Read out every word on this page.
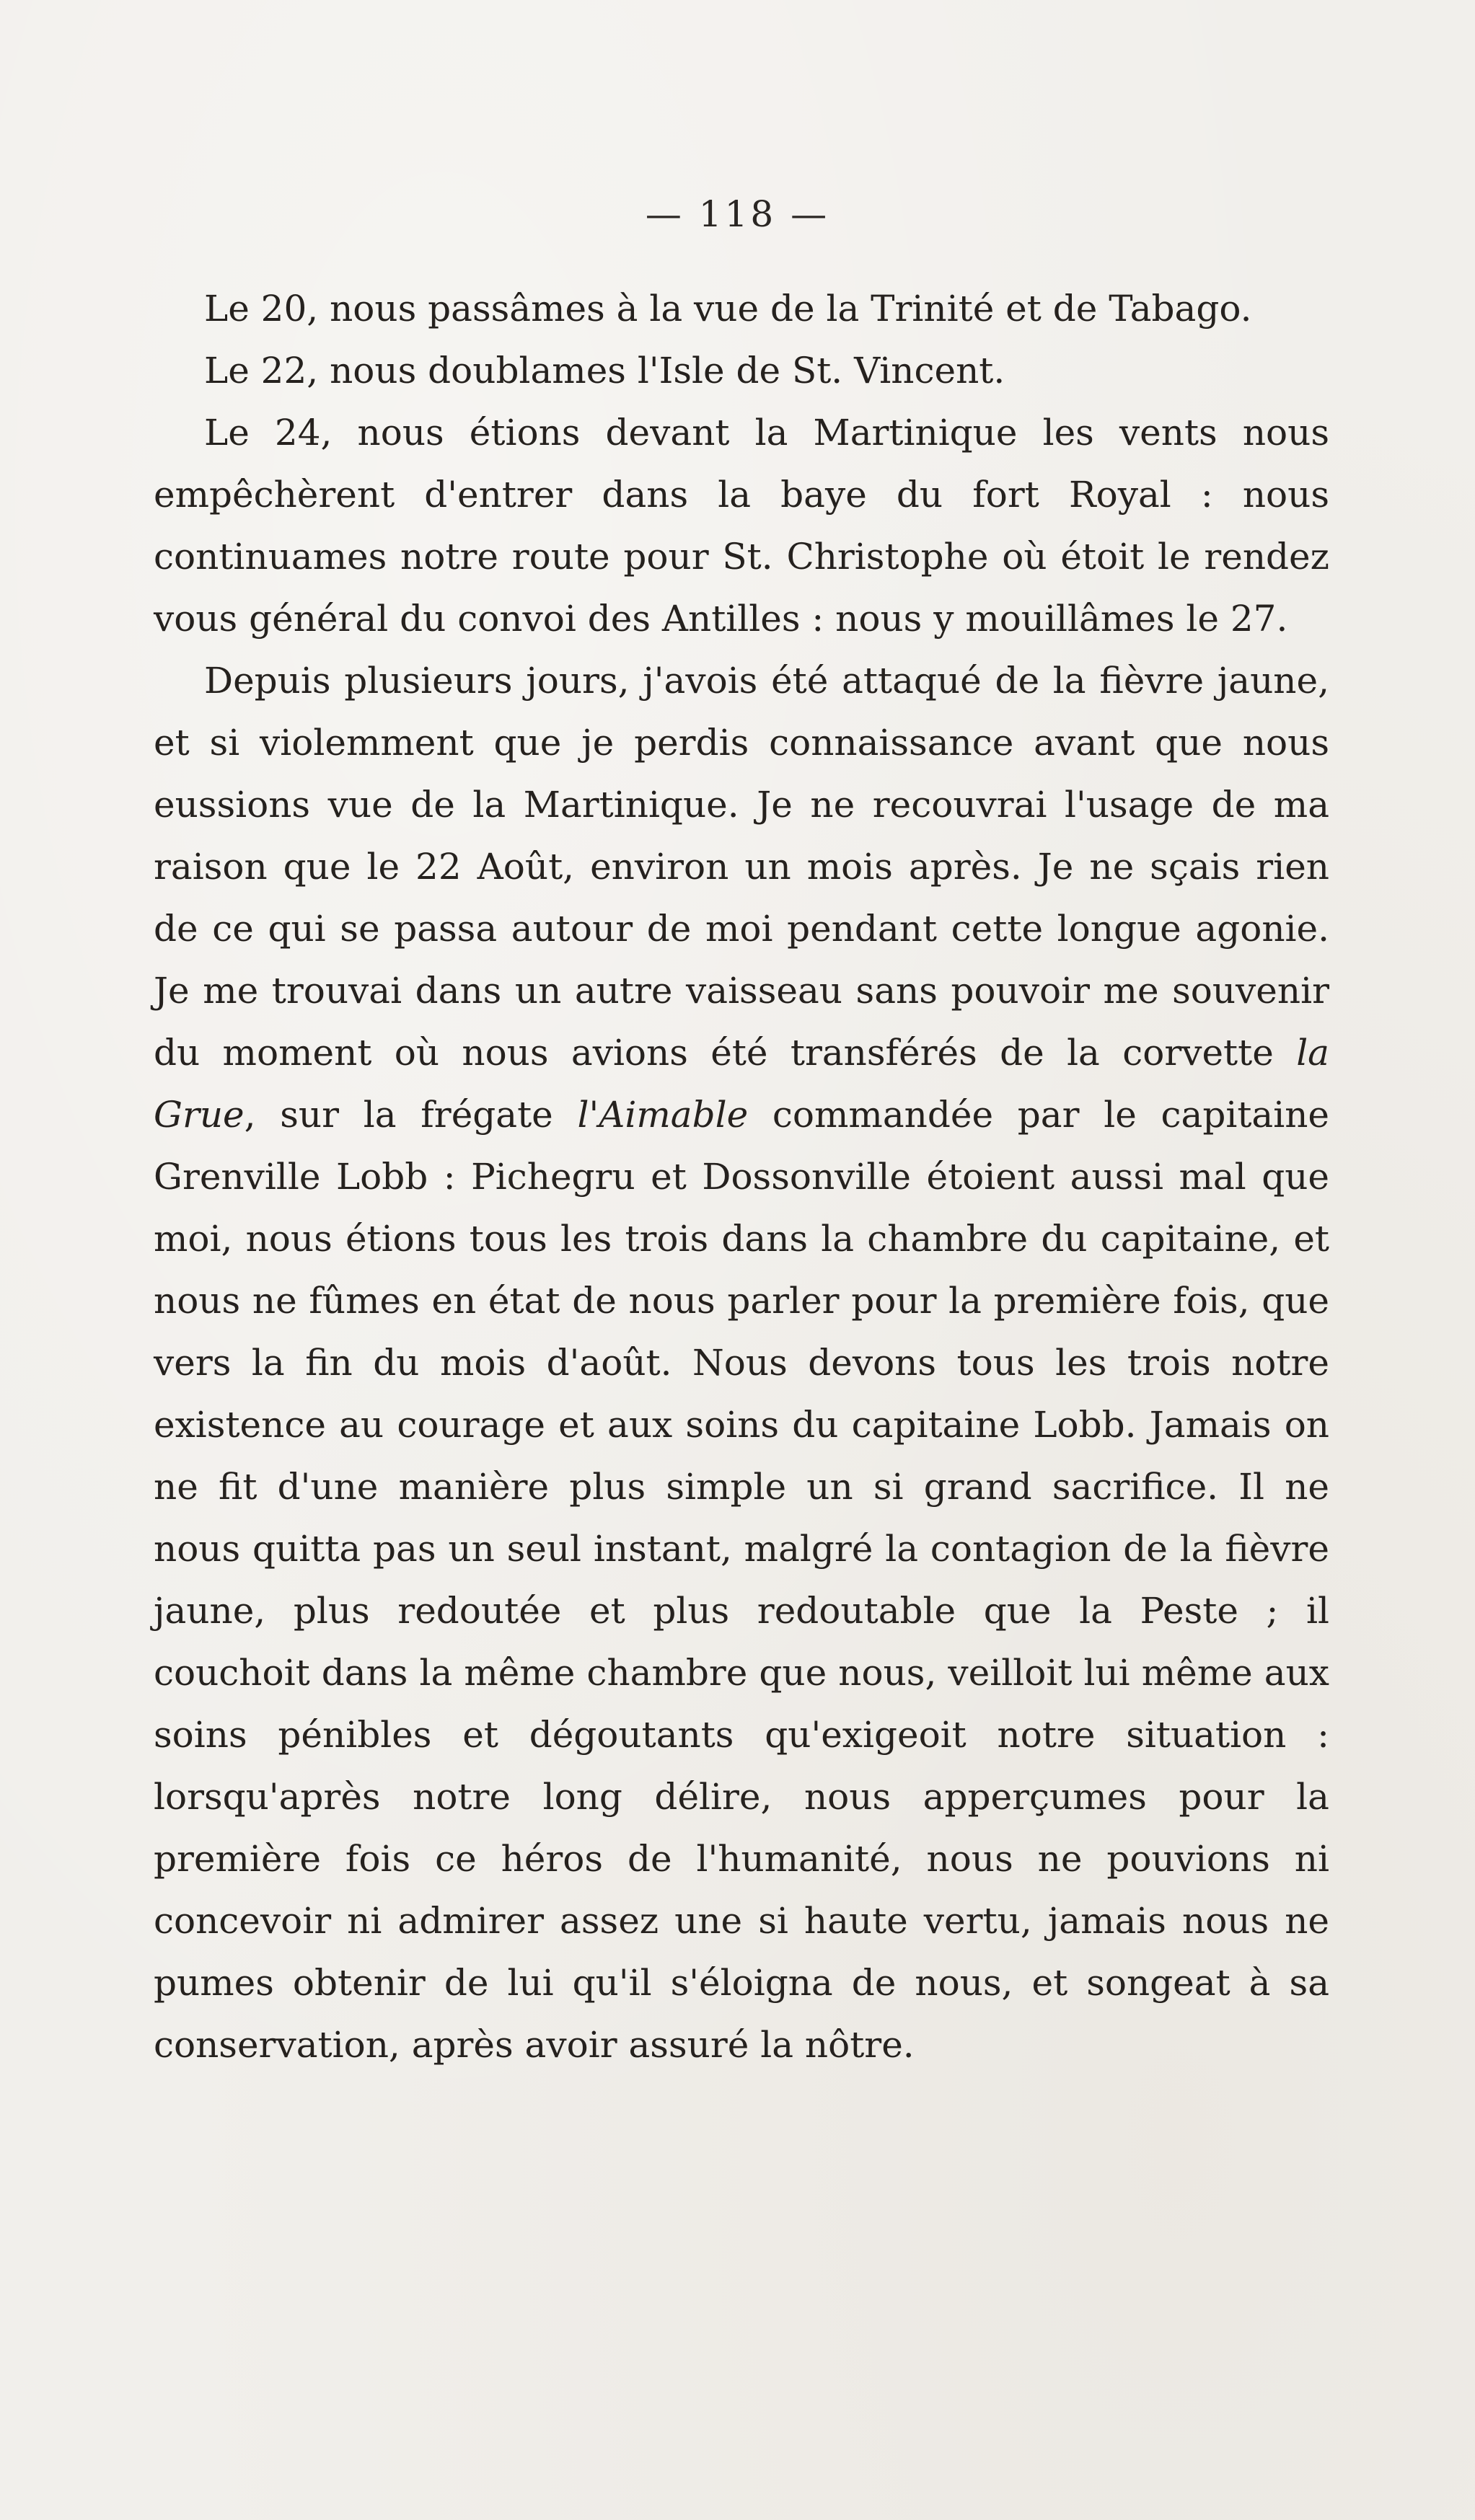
— 118 —

Le 20, nous passâmes à la vue de la Trinité et de Tabago.

Le 22, nous doublames l'Isle de St. Vincent.

Le 24, nous étions devant la Martinique les vents nous empêchèrent d'entrer dans la baye du fort Royal : nous continuames notre route pour St. Christophe où étoit le rendez vous général du convoi des Antilles : nous y mouillâmes le 27.

Depuis plusieurs jours, j'avois été attaqué de la fièvre jaune, et si violemment que je perdis connaissance avant que nous eussions vue de la Martinique. Je ne recouvrai l'usage de ma raison que le 22 Août, environ un mois après. Je ne sçais rien de ce qui se passa autour de moi pendant cette longue agonie. Je me trouvai dans un autre vaisseau sans pouvoir me souvenir du moment où nous avions été transférés de la corvette la Grue, sur la frégate l'Aimable commandée par le capitaine Grenville Lobb : Pichegru et Dossonville étoient aussi mal que moi, nous étions tous les trois dans la chambre du capitaine, et nous ne fûmes en état de nous parler pour la première fois, que vers la fin du mois d'août. Nous devons tous les trois notre existence au courage et aux soins du capitaine Lobb. Jamais on ne fit d'une manière plus simple un si grand sacrifice. Il ne nous quitta pas un seul instant, malgré la contagion de la fièvre jaune, plus redoutée et plus redoutable que la Peste ; il couchoit dans la même chambre que nous, veilloit lui même aux soins pénibles et dégoutants qu'exigeoit notre situation : lorsqu'après notre long délire, nous apperçumes pour la première fois ce héros de l'humanité, nous ne pouvions ni concevoir ni admirer assez une si haute vertu, jamais nous ne pumes obtenir de lui qu'il s'éloigna de nous, et songeat à sa conservation, après avoir assuré la nôtre.
